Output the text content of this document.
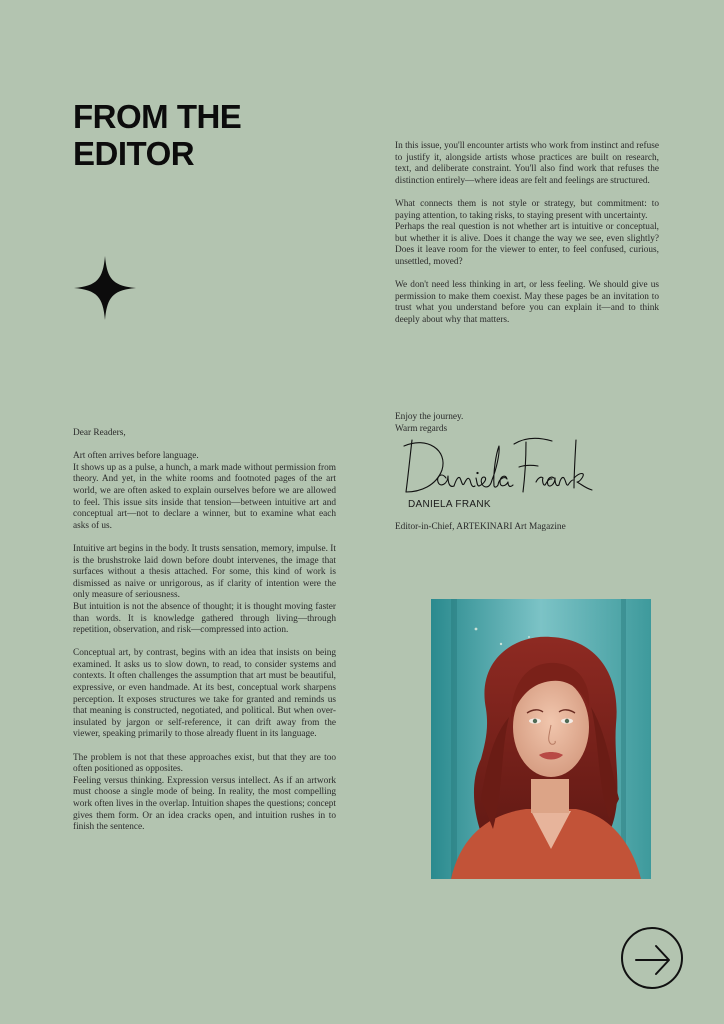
FROM THE
EDITOR	In this issue, you'll encounter artists who work from instinct and refuse to justify it, alongside artists whose practices are built on research, text, and deliberate constraint. You'll also find work that refuses the distinction entirely—where ideas are felt and feelings are structured.

What connects them is not style or strategy, but commitment: to paying attention, to taking risks, to staying present with uncertainty.
Perhaps the real question is not whether art is intuitive or conceptual, but whether it is alive. Does it change the way we see, even slightly? Does it leave room for the viewer to enter, to feel confused, curious, unsettled, moved?

We don't need less thinking in art, or less feeling. We should give us permission to make them coexist. May these pages be an invitation to trust what you understand before you can explain it—and to think deeply about why that matters.

Dear Readers,

Art often arrives before language.
It shows up as a pulse, a hunch, a mark made without permission from theory. And yet, in the white rooms and footnoted pages of the art world, we are often asked to explain ourselves before we are allowed to feel. This issue sits inside that tension—between intuitive art and conceptual art—not to declare a winner, but to examine what each asks of us.

Intuitive art begins in the body. It trusts sensation, memory, impulse. It is the brushstroke laid down before doubt intervenes, the image that surfaces without a thesis attached. For some, this kind of work is dismissed as naive or unrigorous, as if clarity of intention were the only measure of seriousness.
But intuition is not the absence of thought; it is thought moving faster than words. It is knowledge gathered through living—through repetition, observation, and risk—compressed into action.

Conceptual art, by contrast, begins with an idea that insists on being examined. It asks us to slow down, to read, to consider systems and contexts. It often challenges the assumption that art must be beautiful, expressive, or even handmade. At its best, conceptual work sharpens perception. It exposes structures we take for granted and reminds us that meaning is constructed, negotiated, and political. But when over-insulated by jargon or self-reference, it can drift away from the viewer, speaking primarily to those already fluent in its language.

The problem is not that these approaches exist, but that they are too often positioned as opposites.
Feeling versus thinking. Expression versus intellect. As if an artwork must choose a single mode of being. In reality, the most compelling work often lives in the overlap. Intuition shapes the questions; concept gives them form. Or an idea cracks open, and intuition rushes in to finish the sentence.

Enjoy the journey.
Warm regards
DANIELA FRANK
Editor-in-Chief, ARTEKINARI Art Magazine
